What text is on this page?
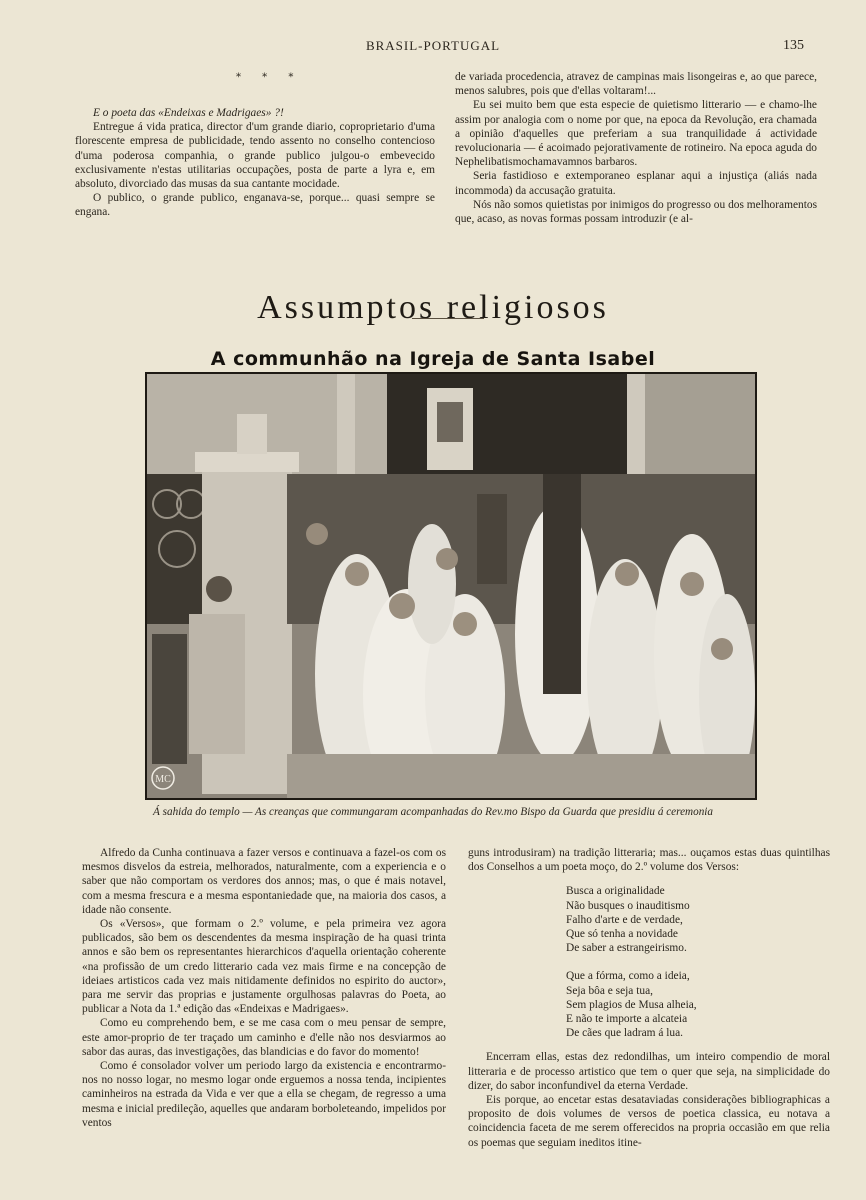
BRASIL-PORTUGAL	135
* * *

E o poeta das «Endeixas e Madrigaes» ?!

Entregue á vida pratica, director d'um grande diario, coproprietario d'uma florescente empresa de publicidade, tendo assento no conselho contencioso d'uma poderosa companhia, o grande publico julgou-o embevecido exclusivamente n'estas utilitarias occupações, posta de parte a lyra e, em absoluto, divorciado das musas da sua cantante mocidade.

O publico, o grande publico, enganava-se, porque... quasi sempre se engana.

de variada procedencia, atravez de campinas mais lisongeiras e, ao que parece, menos salubres, pois que d'ellas voltaram!...

Eu sei muito bem que esta especie de quietismo litterario — e chamo-lhe assim por analogia com o nome por que, na epoca da Revolução, era chamada a opinião d'aquelles que preferiam a sua tranquilidade á actividade revolucionaria — é acoimado pejorativamente de rotineiro. Na epoca aguda do Nephelibatismochamavamnos barbaros.

Seria fastidioso e extemporaneo esplanar aqui a injustiça (aliás nada incommoda) da accusação gratuita.

Nós não somos quietistas por inimigos do progresso ou dos melhoramentos que, acaso, as novas formas possam introduzir (e al-

Assumptos religiosos
A communhão na Igreja de Santa Isabel
MC
Á sahida do templo — As creanças que commungaram acompanhadas do Rev.mo Bispo da Guarda que presidiu á ceremonia

Alfredo da Cunha continuava a fazer versos e continuava a fazel-os com os mesmos disvelos da estreia, melhorados, naturalmente, com a experiencia e o saber que não comportam os verdores dos annos; mas, o que é mais notavel, com a mesma frescura e a mesma espontaniedade que, na maioria dos casos, a idade não consente.

Os «Versos», que formam o 2.º volume, e pela primeira vez agora publicados, são bem os descendentes da mesma inspiração de ha quasi trinta annos e são bem os representantes hierarchicos d'aquella orientação coherente «na profissão de um credo litterario cada vez mais firme e na concepção de ideiaes artisticos cada vez mais nitidamente definidos no espirito do auctor», para me servir das proprias e justamente orgulhosas palavras do Poeta, ao publicar a Nota da 1.ª edição das «Endeixas e Madrigaes».

Como eu comprehendo bem, e se me casa com o meu pensar de sempre, este amor-proprio de ter traçado um caminho e d'elle não nos desviarmos ao sabor das auras, das investigações, das blandicias e do favor do momento!

Como é consolador volver um periodo largo da existencia e encontrarmo-nos no nosso logar, no mesmo logar onde erguemos a nossa tenda, incipientes caminheiros na estrada da Vida e ver que a ella se chegam, de regresso a uma mesma e inicial predileção, aquelles que andaram borboleteando, impelidos por ventos

guns introdusiram) na tradição litteraria; mas... ouçamos estas duas quintilhas dos Conselhos a um poeta moço, do 2.º volume dos Versos:

Busca a originalidade

Não busques o inauditismo

Falho d'arte e de verdade,

Que só tenha a novidade

De saber a estrangeirismo.

Que a fórma, como a ideia,

Seja bôa e seja tua,

Sem plagios de Musa alheia,

E não te importe a alcateia

De cães que ladram á lua.

Encerram ellas, estas dez redondilhas, um inteiro compendio de moral litteraria e de processo artistico que tem o quer que seja, na simplicidade do dizer, do sabor inconfundivel da eterna Verdade.

Eis porque, ao encetar estas desataviadas considerações bibliographicas a proposito de dois volumes de versos de poetica classica, eu notava a coincidencia faceta de me serem offerecidos na propria occasião em que relia os poemas que seguiam ineditos itine-
